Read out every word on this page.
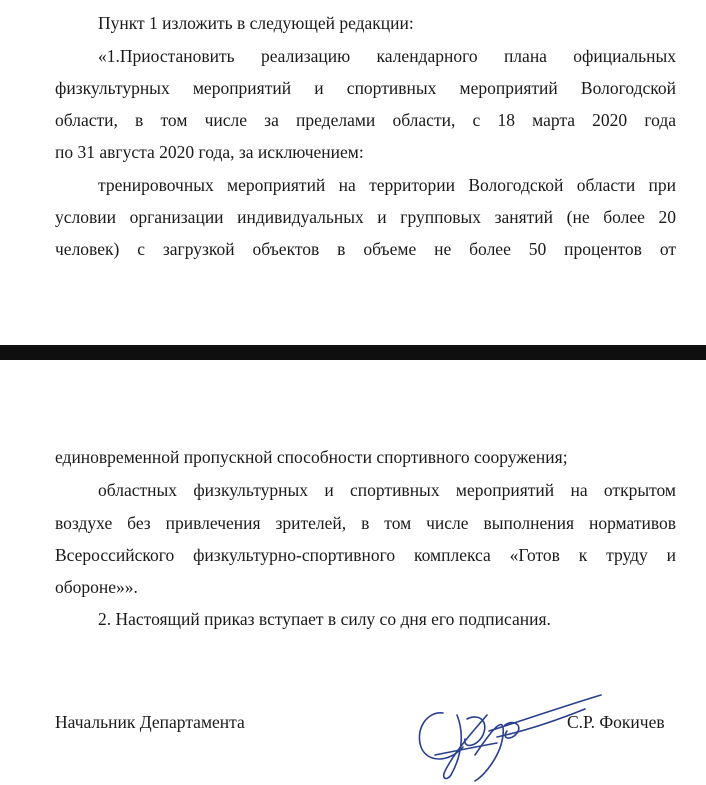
Пункт 1 изложить в следующей редакции:
«1.Приостановить реализацию календарного плана официальных
физкультурных мероприятий и спортивных мероприятий Вологодской
области, в том числе за пределами области, с 18 марта 2020 года
по 31 августа 2020 года, за исключением:
тренировочных мероприятий на территории Вологодской области при
условии организации индивидуальных и групповых занятий (не более 20
человек) с загрузкой объектов в объеме не более 50 процентов от
единовременной пропускной способности спортивного сооружения;
областных физкультурных и спортивных мероприятий на открытом
воздухе без привлечения зрителей, в том числе выполнения нормативов
Всероссийского физкультурно-спортивного комплекса «Готов к труду и
обороне»».
2. Настоящий приказ вступает в силу со дня его подписания.
Начальник Департамента	С.Р. Фокичев
